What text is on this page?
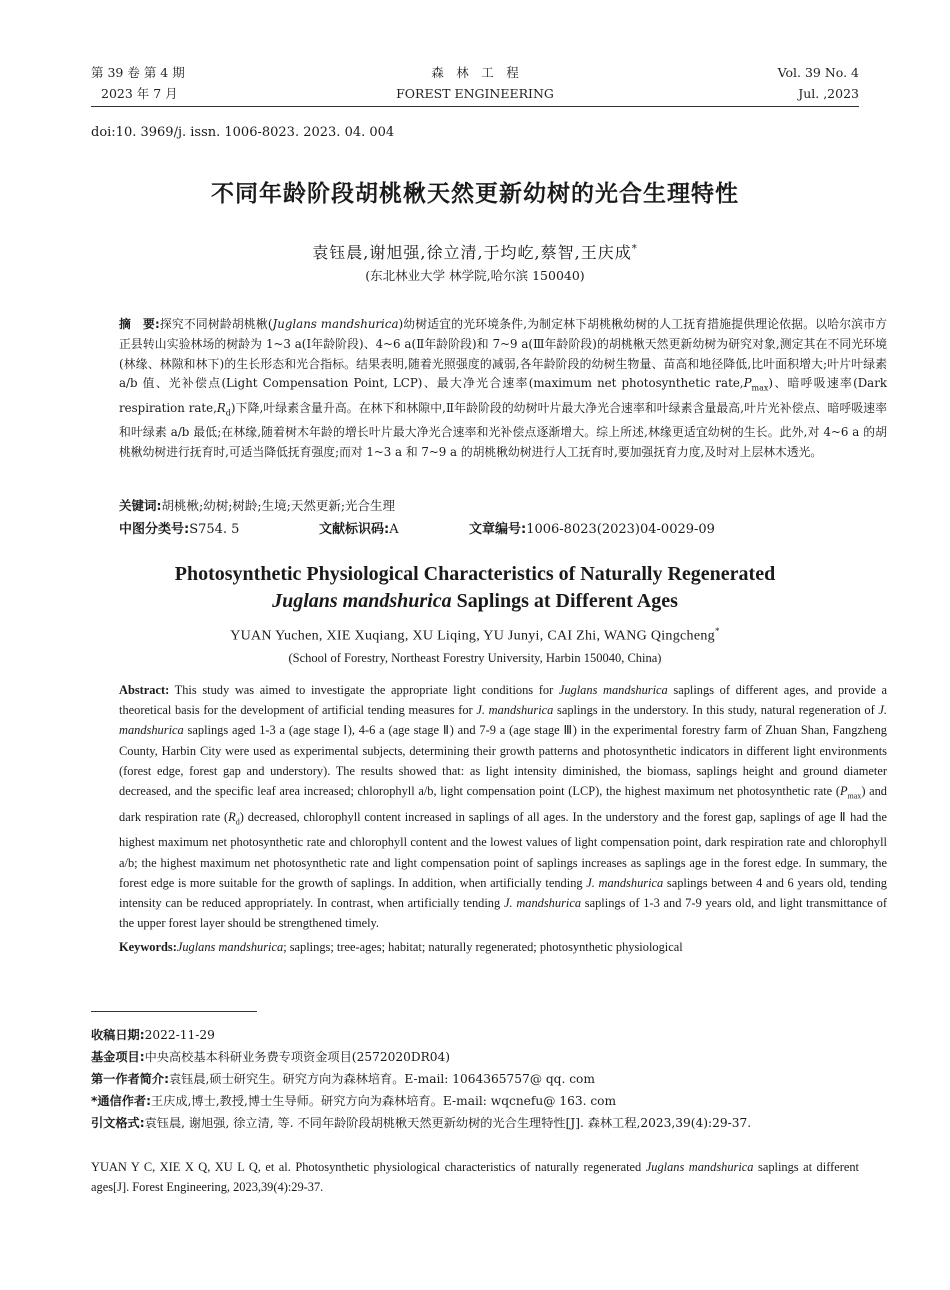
第 39 卷 第 4 期
2023 年 7 月
森　林　工　程
FOREST ENGINEERING
Vol. 39 No. 4
Jul. ,2023
doi:10. 3969/j. issn. 1006-8023. 2023. 04. 004
不同年龄阶段胡桃楸天然更新幼树的光合生理特性
袁钰晨,谢旭强,徐立清,于均屹,蔡智,王庆成*
(东北林业大学 林学院,哈尔滨 150040)
摘　要:探究不同树龄胡桃楸(Juglans mandshurica)幼树适宜的光环境条件,为制定林下胡桃楸幼树的人工抚育措施提供理论依据。以哈尔滨市方正县转山实验林场的树龄为 1~3 a(Ⅰ年龄阶段)、4~6 a(Ⅱ年龄阶段)和 7~9 a(Ⅲ年龄阶段)的胡桃楸天然更新幼树为研究对象,测定其在不同光环境(林缘、林隙和林下)的生长形态和光合指标。结果表明,随着光照强度的减弱,各年龄阶段的幼树生物量、苗高和地径降低,比叶面积增大;叶片叶绿素 a/b 值、光补偿点(Light Compensation Point, LCP)、最大净光合速率(maximum net photosynthetic $rate,P_{max}$)、暗呼吸速率(Dark respiration $rate,R_d$)下降,叶绿素含量升高。在林下和林隙中,Ⅱ年龄阶段的幼树叶片最大净光合速率和叶绿素含量最高,叶片光补偿点、暗呼吸速率和叶绿素 a/b 最低;在林缘,随着树木年龄的增长叶片最大净光合速率和光补偿点逐渐增大。综上所述,林缘更适宜幼树的生长。此外,对 4~6 a 的胡桃楸幼树进行抚育时,可适当降低抚育强度;而对 1~3 a 和 7~9 a 的胡桃楸幼树进行人工抚育时,要加强抚育力度,及时对上层林木透光。
关键词:胡桃楸;幼树;树龄;生境;天然更新;光合生理
中图分类号:S754. 5	文献标识码:A	文章编号:1006-8023(2023)04-0029-09
Photosynthetic Physiological Characteristics of Naturally Regenerated
Juglans mandshurica Saplings at Different Ages
YUAN Yuchen, XIE Xuqiang, XU Liqing, YU Junyi, CAI Zhi, WANG Qingcheng*
(School of Forestry, Northeast Forestry University, Harbin 150040, China)
Abstract: This study was aimed to investigate the appropriate light conditions for Juglans mandshurica saplings of different ages, and provide a theoretical basis for the development of artificial tending measures for J. mandshurica saplings in the understory. In this study, natural regeneration of J. mandshurica saplings aged 1-3 a (age stage Ⅰ), 4-6 a (age stage Ⅱ) and 7-9 a (age stage Ⅲ) in the experimental forestry farm of Zhuan Shan, Fangzheng County, Harbin City were used as experimental subjects, determining their growth patterns and photosynthetic indicators in different light environments (forest edge, forest gap and understory). The results showed that: as light intensity diminished, the biomass, saplings height and ground diameter decreased, and the specific leaf area increased; chlorophyll a/b, light compensation point (LCP), the highest maximum net photosynthetic rate $(P_{max})$ and dark respiration rate $(R_d)$ decreased, chlorophyll content increased in saplings of all ages. In the understory and the forest gap, saplings of age Ⅱ had the highest maximum net photosynthetic rate and chlorophyll content and the lowest values of light compensation point, dark respiration rate and chlorophyll a/b; the highest maximum net photosynthetic rate and light compensation point of saplings increases as saplings age in the forest edge. In summary, the forest edge is more suitable for the growth of saplings. In addition, when artificially tending J. mandshurica saplings between 4 and 6 years old, tending intensity can be reduced appropriately. In contrast, when artificially tending J. mandshurica saplings of 1-3 and 7-9 years old, and light transmittance of the upper forest layer should be strengthened timely.
Keywords:Juglans mandshurica; saplings; tree-ages; habitat; naturally regenerated; photosynthetic physiological
收稿日期:2022-11-29
基金项目:中央高校基本科研业务费专项资金项目(2572020DR04)
第一作者简介:袁钰晨,硕士研究生。研究方向为森林培育。E-mail: 1064365757@ qq. com
*通信作者:王庆成,博士,教授,博士生导师。研究方向为森林培育。E-mail: wqcnefu@ 163. com
引文格式:袁钰晨, 谢旭强, 徐立清, 等. 不同年龄阶段胡桃楸天然更新幼树的光合生理特性[J]. 森林工程,2023,39(4):29-37.
YUAN Y C, XIE X Q, XU L Q, et al. Photosynthetic physiological characteristics of naturally regenerated Juglans mandshurica saplings at different ages[J]. Forest Engineering, 2023,39(4):29-37.
